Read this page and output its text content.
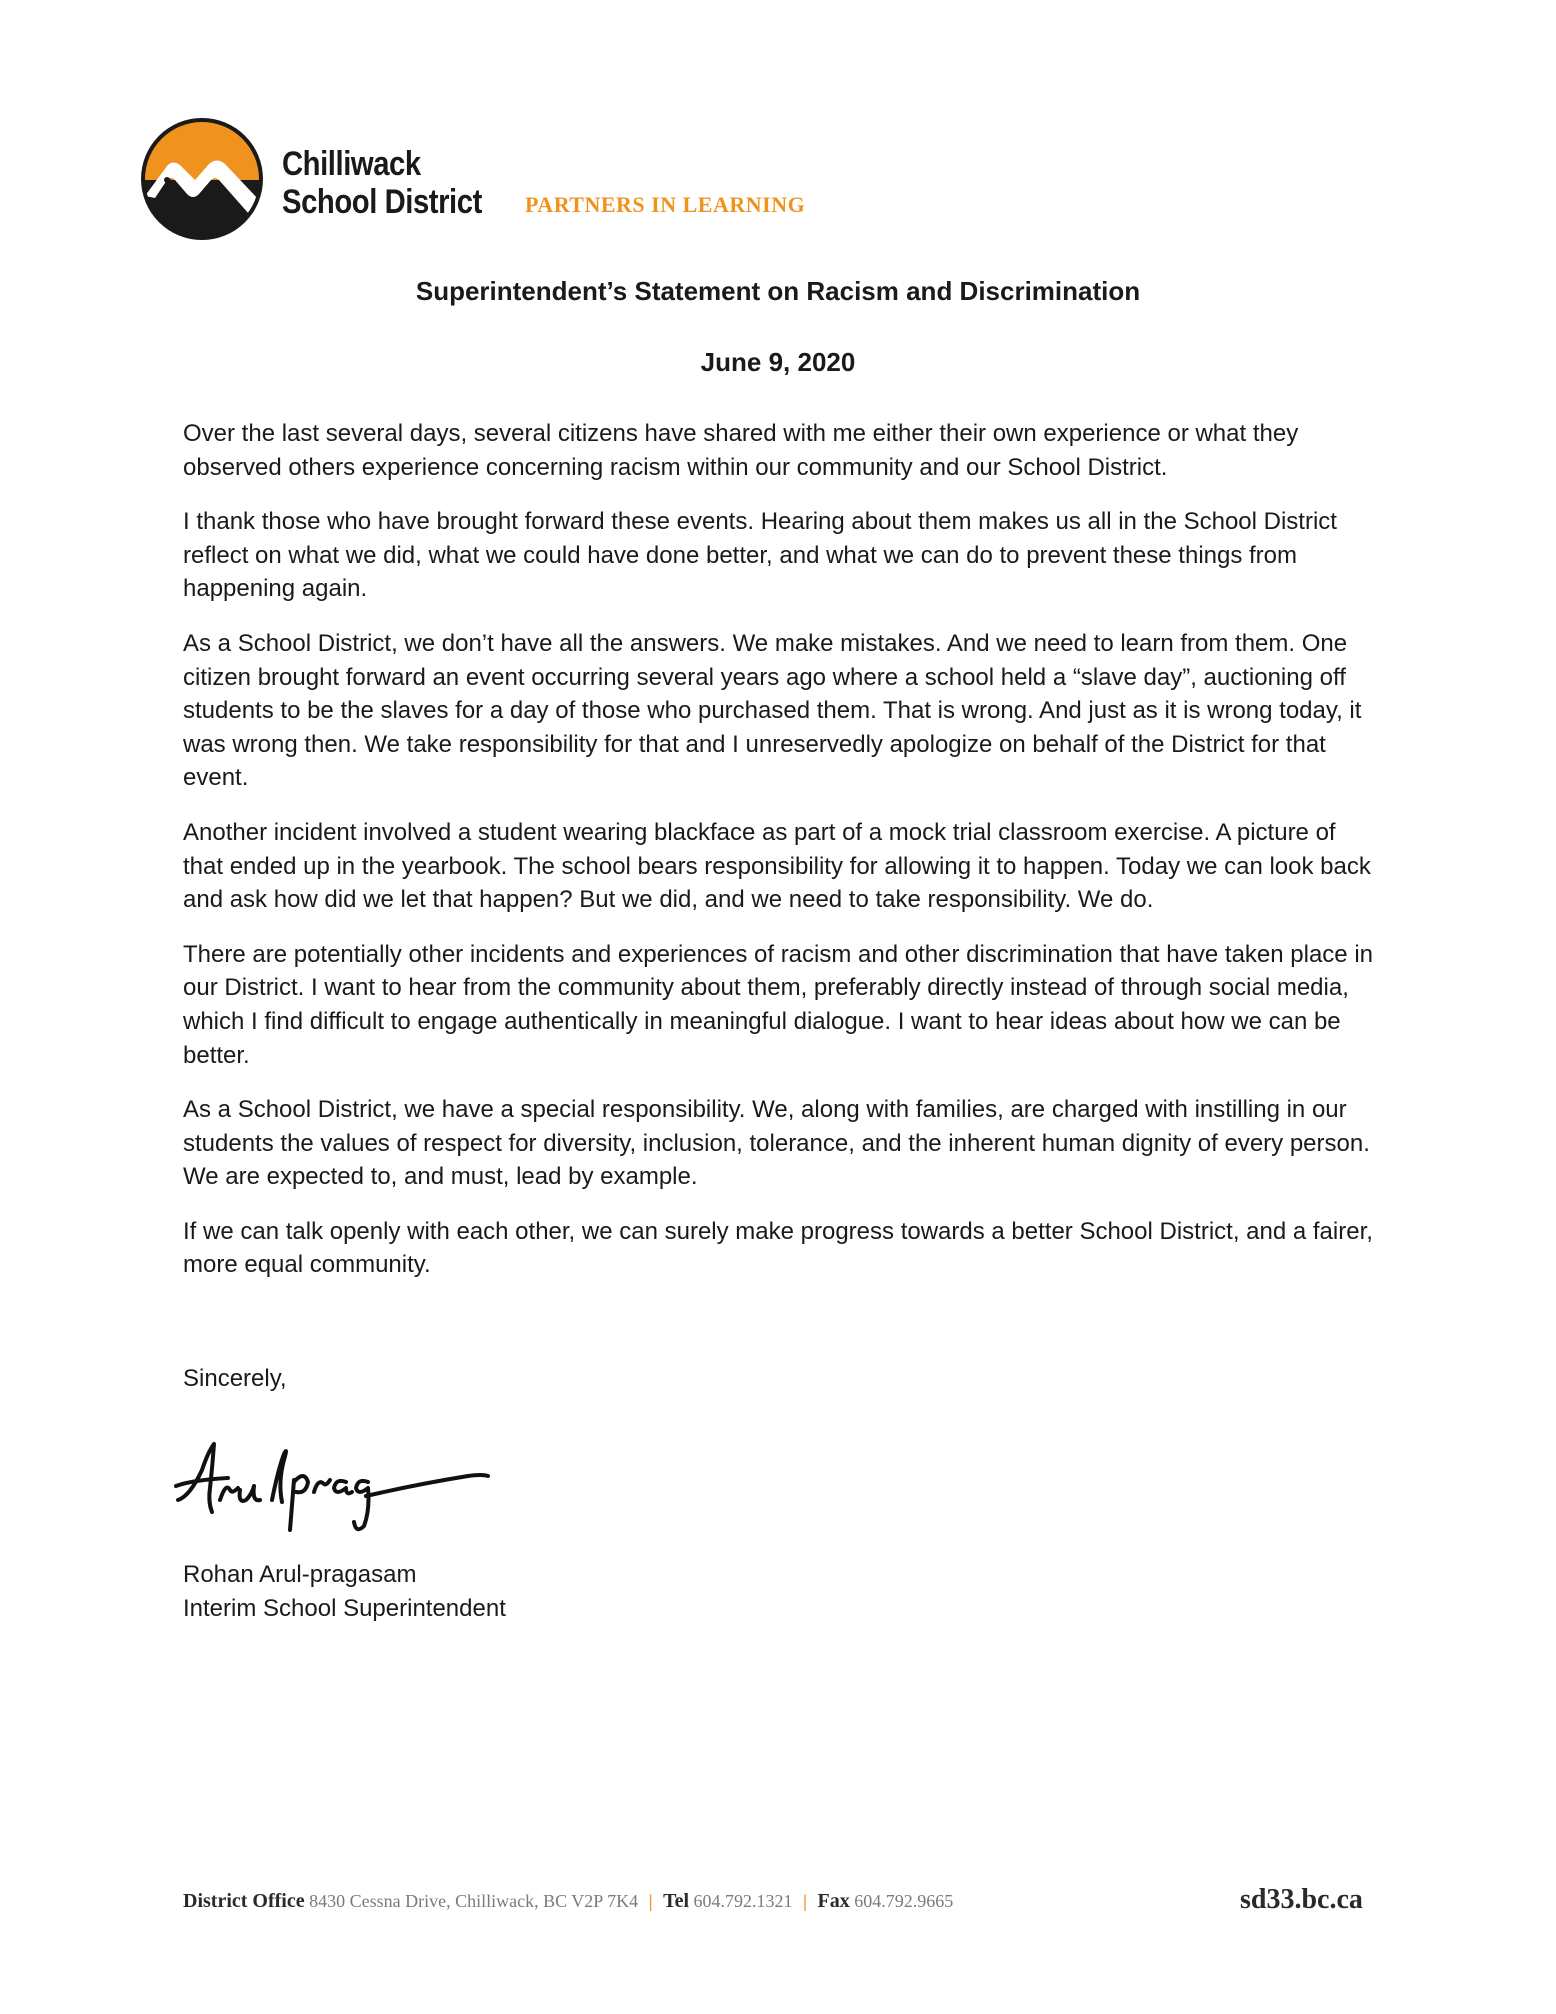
Chilliwack
School District PARTNERS IN LEARNING
Superintendent’s Statement on Racism and Discrimination
June 9, 2020

Over the last several days, several citizens have shared with me either their own experience or what they observed others experience concerning racism within our community and our School District.

I thank those who have brought forward these events. Hearing about them makes us all in the School District reflect on what we did, what we could have done better, and what we can do to prevent these things from happening again.

As a School District, we don’t have all the answers. We make mistakes. And we need to learn from them. One citizen brought forward an event occurring several years ago where a school held a “slave day”, auctioning off students to be the slaves for a day of those who purchased them. That is wrong. And just as it is wrong today, it was wrong then. We take responsibility for that and I unreservedly apologize on behalf of the District for that event.

Another incident involved a student wearing blackface as part of a mock trial classroom exercise. A picture of that ended up in the yearbook. The school bears responsibility for allowing it to happen. Today we can look back and ask how did we let that happen? But we did, and we need to take responsibility. We do.

There are potentially other incidents and experiences of racism and other discrimination that have taken place in our District. I want to hear from the community about them, preferably directly instead of through social media, which I find difficult to engage authentically in meaningful dialogue. I want to hear ideas about how we can be better.

As a School District, we have a special responsibility. We, along with families, are charged with instilling in our students the values of respect for diversity, inclusion, tolerance, and the inherent human dignity of every person. We are expected to, and must, lead by example.

If we can talk openly with each other, we can surely make progress towards a better School District, and a fairer, more equal community.

Sincerely,
Rohan Arul-pragasam
Interim School Superintendent
District Office 8430 Cessna Drive, Chilliwack, BC V2P 7K4 | Tel 604.792.1321 | Fax 604.792.9665	sd33.bc.ca
